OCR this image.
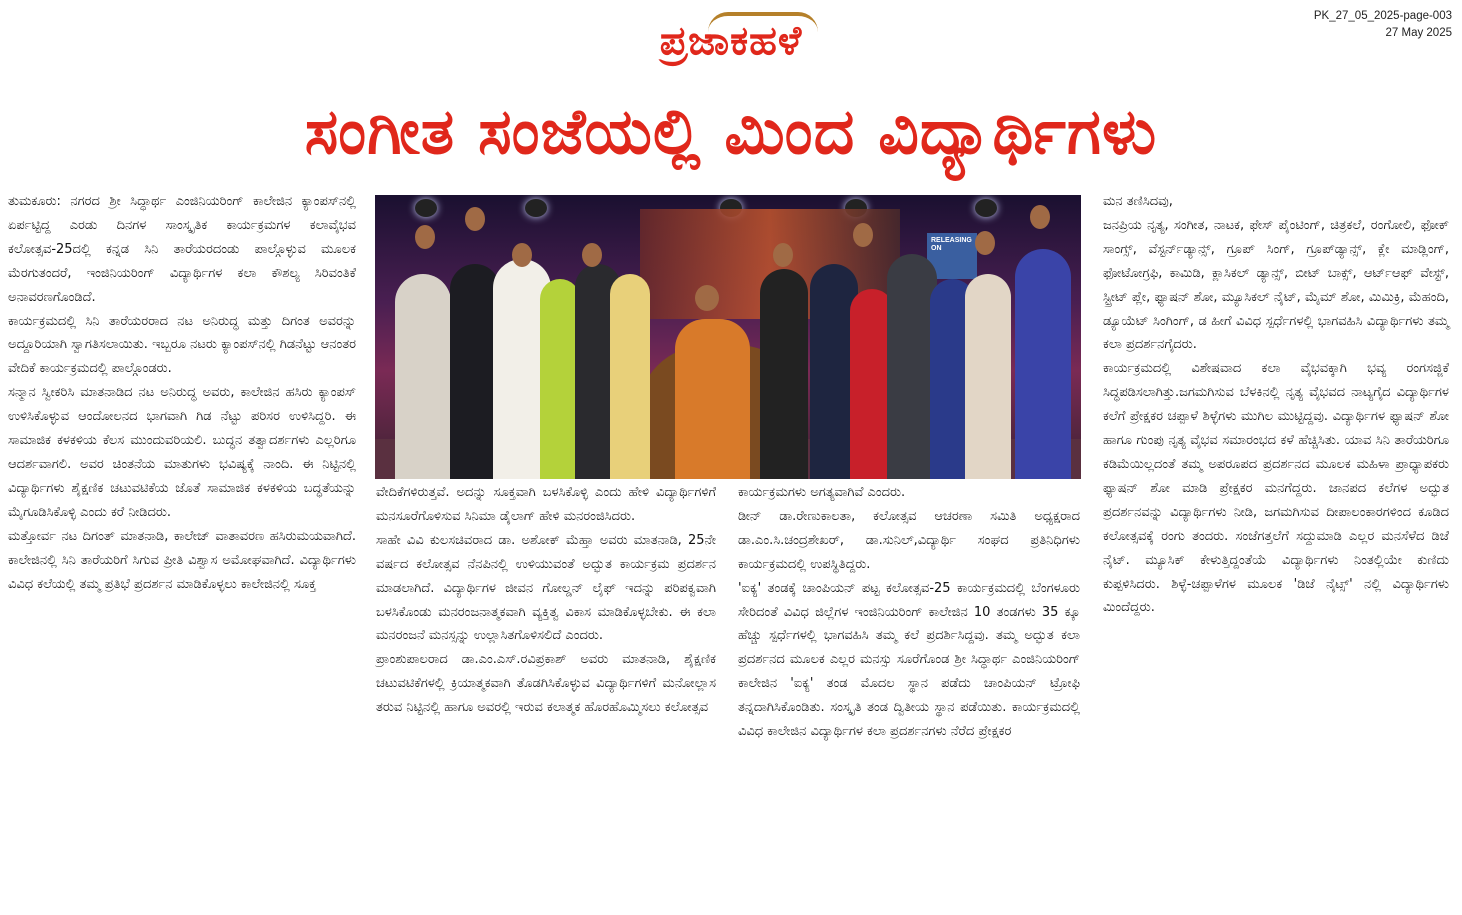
PK_27_05_2025-page-003
27 May 2025
ಪ್ರಜಾಕಹಳೆ
ಸಂಗೀತ ಸಂಜೆಯಲ್ಲಿ ಮಿಂದ ವಿದ್ಯಾರ್ಥಿಗಳು
RELEASING ON

ತುಮಕೂರು: ನಗರದ ಶ್ರೀ ಸಿದ್ಧಾರ್ಥ ಎಂಜಿನಿಯರಿಂಗ್ ಕಾಲೇಜಿನ ಕ್ಯಾಂಪಸ್‌ನಲ್ಲಿ ಏರ್ಪಟ್ಟಿದ್ದ ಎರಡು ದಿನಗಳ ಸಾಂಸ್ಕೃತಿಕ ಕಾರ್ಯಕ್ರಮಗಳ ಕಲಾವೈಭವ ಕಲೋತ್ಸವ-25ದಲ್ಲಿ ಕನ್ನಡ ಸಿನಿ ತಾರೆಯರದಂಡು ಪಾಲ್ಗೊಳ್ಳುವ ಮೂಲಕ ಮೆರಗುತಂದರೆ, ಇಂಜಿನಿಯರಿಂಗ್ ವಿದ್ಯಾರ್ಥಿಗಳ ಕಲಾ ಕೌಶಲ್ಯ ಸಿರಿವಂತಿಕೆ ಅನಾವರಣಗೊಂಡಿದೆ.

ಕಾರ್ಯಕ್ರಮದಲ್ಲಿ ಸಿನಿ ತಾರೆಯರರಾದ ನಟ ಅನಿರುದ್ಧ ಮತ್ತು ದಿಗಂತ ಅವರನ್ನು ಅದ್ದೂರಿಯಾಗಿ ಸ್ವಾಗತಿಸಲಾಯಿತು. ಇಬ್ಬರೂ ನಟರು ಕ್ಯಾಂಪಸ್‌ನಲ್ಲಿ ಗಿಡನೆಟ್ಟು ಆನಂತರ ವೇದಿಕೆ ಕಾರ್ಯಕ್ರಮದಲ್ಲಿ ಪಾಲ್ಗೊಂಡರು.

ಸನ್ಮಾನ ಸ್ವೀಕರಿಸಿ ಮಾತನಾಡಿದ ನಟ ಅನಿರುದ್ಧ ಅವರು, ಕಾಲೇಜಿನ ಹಸಿರು ಕ್ಯಾಂಪಸ್ ಉಳಿಸಿಕೊಳ್ಳುವ ಆಂದೋಲನದ ಭಾಗವಾಗಿ ಗಿಡ ನೆಟ್ಟು ಪರಿಸರ ಉಳಿಸಿದ್ದರಿ. ಈ ಸಾಮಾಜಿಕ ಕಳಕಳಿಯ ಕೆಲಸ ಮುಂದುವರಿಯಲಿ. ಬುದ್ಧನ ತತ್ವಾದರ್ಶಗಳು ಎಲ್ಲರಿಗೂ ಆದರ್ಶವಾಗಲಿ. ಅವರ ಚಿಂತನೆಯ ಮಾತುಗಳು ಭವಿಷ್ಯಕ್ಕೆ ನಾಂದಿ. ಈ ನಿಟ್ಟಿನಲ್ಲಿ ವಿದ್ಯಾರ್ಥಿಗಳು ಶೈಕ್ಷಣಿಕ ಚಟುವಟಿಕೆಯ ಜೊತೆ ಸಾಮಾಜಿಕ ಕಳಕಳಿಯ ಬದ್ಧತೆಯನ್ನು ಮೈಗೂಡಿಸಿಕೊಳ್ಳಿ ಎಂದು ಕರೆ ನೀಡಿದರು.

ಮತ್ತೋರ್ವ ನಟ ದಿಗಂತ್ ಮಾತನಾಡಿ, ಕಾಲೇಜ್ ವಾತಾವರಣ ಹಸಿರುಮಯವಾಗಿದೆ. ಕಾಲೇಜಿನಲ್ಲಿ ಸಿನಿ ತಾರೆಯರಿಗೆ ಸಿಗುವ ಪ್ರೀತಿ ವಿಶ್ವಾಸ ಅಮೋಘವಾಗಿದೆ. ವಿದ್ಯಾರ್ಥಿಗಳು ವಿವಿಧ ಕಲೆಯಲ್ಲಿ ತಮ್ಮ ಪ್ರತಿಭೆ ಪ್ರದರ್ಶನ ಮಾಡಿಕೊಳ್ಳಲು ಕಾಲೇಜಿನಲ್ಲಿ ಸೂಕ್ತ

ವೇದಿಕೆಗಳಿರುತ್ತವೆ. ಅದನ್ನು ಸೂಕ್ತವಾಗಿ ಬಳಸಿಕೊಳ್ಳಿ ಎಂದು ಹೇಳಿ ವಿದ್ಯಾರ್ಥಿಗಳಿಗೆ ಮನಸೂರೆಗೊಳಿಸುವ ಸಿನಿಮಾ ಡೈಲಾಗ್ ಹೇಳಿ ಮನರಂಜಿಸಿದರು.

ಸಾಹೇ ವಿವಿ ಕುಲಸಚಿವರಾದ ಡಾ. ಅಶೋಕ್ ಮೆಹ್ತಾ ಅವರು ಮಾತನಾಡಿ, 25ನೇ ವರ್ಷದ ಕಲೋತ್ಸವ ನೆನಪಿನಲ್ಲಿ ಉಳಿಯುವಂತೆ ಅದ್ಭುತ ಕಾರ್ಯಕ್ರಮ ಪ್ರದರ್ಶನ ಮಾಡಲಾಗಿದೆ. ವಿದ್ಯಾರ್ಥಿಗಳ ಜೀವನ ಗೋಲ್ಡನ್ ಲೈಫ್ ಇದನ್ನು ಪರಿಪಕ್ವವಾಗಿ ಬಳಸಿಕೊಂಡು ಮನರಂಜನಾತ್ಮಕವಾಗಿ ವ್ಯಕ್ತಿತ್ವ ವಿಕಾಸ ಮಾಡಿಕೊಳ್ಳಬೇಕು. ಈ ಕಲಾ ಮನರಂಜನೆ ಮನಸ್ಸನ್ನು ಉಲ್ಲಾಸಿತಗೊಳಿಸಲಿದೆ ಎಂದರು.

ಪ್ರಾಂಶುಪಾಲರಾದ ಡಾ.ಎಂ.ಎಸ್.ರವಿಪ್ರಕಾಶ್ ಅವರು ಮಾತನಾಡಿ, ಶೈಕ್ಷಣಿಕ ಚಟುವಟಿಕೆಗಳಲ್ಲಿ ಕ್ರಿಯಾತ್ಮಕವಾಗಿ ತೊಡಗಿಸಿಕೊಳ್ಳುವ ವಿದ್ಯಾರ್ಥಿಗಳಿಗೆ ಮನೋಲ್ಲಾಸ ತರುವ ನಿಟ್ಟಿನಲ್ಲಿ ಹಾಗೂ ಅವರಲ್ಲಿ ಇರುವ ಕಲಾತ್ಮಕ ಹೊರಹೊಮ್ಮಿಸಲು ಕಲೋತ್ಸವ

ಕಾರ್ಯಕ್ರಮಗಳು ಅಗತ್ಯವಾಗಿವೆ ಎಂದರು.

ಡೀನ್ ಡಾ.ರೇಣುಕಾಲತಾ, ಕಲೋತ್ಸವ ಆಚರಣಾ ಸಮಿತಿ ಅಧ್ಯಕ್ಷರಾದ ಡಾ.ಎಂ.ಸಿ.ಚಂದ್ರಶೇಖರ್, ಡಾ.ಸುನಿಲ್,ವಿದ್ಯಾರ್ಥಿ ಸಂಘದ ಪ್ರತಿನಿಧಿಗಳು ಕಾರ್ಯಕ್ರಮದಲ್ಲಿ ಉಪಸ್ಥಿತಿದ್ದರು.

'ಐಕ್ಯ' ತಂಡಕ್ಕೆ ಚಾಂಪಿಯನ್ ಪಟ್ಟ ಕಲೋತ್ಸವ-25 ಕಾರ್ಯಕ್ರಮದಲ್ಲಿ ಬೆಂಗಳೂರು ಸೇರಿದಂತೆ ವಿವಿಧ ಜಿಲ್ಲೆಗಳ ಇಂಜಿನಿಯರಿಂಗ್ ಕಾಲೇಜಿನ 10 ತಂಡಗಳು 35 ಕ್ಕೂ ಹೆಚ್ಚು ಸ್ಪರ್ಧೆಗಳಲ್ಲಿ ಭಾಗವಹಿಸಿ ತಮ್ಮ ಕಲೆ ಪ್ರದರ್ಶಿಸಿದ್ದವು. ತಮ್ಮ ಅದ್ಭುತ ಕಲಾ ಪ್ರದರ್ಶನದ ಮೂಲಕ ಎಲ್ಲರ ಮನಸ್ಸು ಸೂರೆಗೊಂಡ ಶ್ರೀ ಸಿದ್ಧಾರ್ಥ ಎಂಜಿನಿಯರಿಂಗ್ ಕಾಲೇಜಿನ 'ಐಕ್ಯ' ತಂಡ ಮೊದಲ ಸ್ಥಾನ ಪಡೆದು ಚಾಂಪಿಯನ್ ಟ್ರೋಫಿ ತನ್ನದಾಗಿಸಿಕೊಂಡಿತು. ಸಂಸ್ಕೃತಿ ತಂಡ ದ್ವಿತೀಯ ಸ್ಥಾನ ಪಡೆಯಿತು. ಕಾರ್ಯಕ್ರಮದಲ್ಲಿ ವಿವಿಧ ಕಾಲೇಜಿನ ವಿದ್ಯಾರ್ಥಿಗಳ ಕಲಾ ಪ್ರದರ್ಶನಗಳು ನೆರೆದ ಪ್ರೇಕ್ಷಕರ

ಮನ ತಣಿಸಿದವು,

ಜನಪ್ರಿಯ ನೃತ್ಯ, ಸಂಗೀತ, ನಾಟಕ, ಫೇಸ್ ಪೈಂಟಿಂಗ್, ಚಿತ್ರಕಲೆ, ರಂಗೋಲಿ, ಫೋಕ್ ಸಾಂಗ್ಸ್, ವೆಸ್ಟರ್ನ್‌ಡ್ಯಾನ್ಸ್, ಗ್ರೂಪ್ ಸಿಂಗ್, ಗ್ರೂಪ್‌ಡ್ಯಾನ್ಸ್, ಕ್ಲೇ ಮಾಡ್ಲಿಂಗ್, ಫೋಟೋಗ್ರಫಿ, ಕಾಮಿಡಿ, ಕ್ಲಾಸಿಕಲ್ ಡ್ಯಾನ್ಸ್, ಬೀಟ್ ಬಾಕ್ಸ್, ಆರ್ಟ್‌ಆಫ್ ವೇಸ್ಟ್, ಸ್ಟ್ರೀಟ್ ಪ್ಲೇ, ಫ್ಯಾಷನ್ ಶೋ, ಮ್ಯೂಸಿಕಲ್ ನೈಟ್, ಮೈಮ್ ಶೋ, ಮಿಮಿಕ್ರಿ, ಮೆಹಂದಿ, ಡ್ಯೂಯೆಟ್ ಸಿಂಗಿಂಗ್, ಡ ಹೀಗೆ ವಿವಿಧ ಸ್ಪರ್ಧೆಗಳಲ್ಲಿ ಭಾಗವಹಿಸಿ ವಿದ್ಯಾರ್ಥಿಗಳು ತಮ್ಮ ಕಲಾ ಪ್ರದರ್ಶನಗೈದರು.

ಕಾರ್ಯಕ್ರಮದಲ್ಲಿ ವಿಶೇಷವಾದ ಕಲಾ ವೈಭವಕ್ಕಾಗಿ ಭವ್ಯ ರಂಗಸಜ್ಜಿಕೆ ಸಿದ್ಧಪಡಿಸಲಾಗಿತ್ತು.ಜಗಮಗಿಸುವ ಬೆಳಕಿನಲ್ಲಿ ನೃತ್ಯ ವೈಭವದ ನಾಟ್ಯಗೈದ ವಿದ್ಯಾರ್ಥಿಗಳ ಕಲೆಗೆ ಪ್ರೇಕ್ಷಕರ ಚಪ್ಪಾಳೆ ಶಿಳ್ಳೆಗಳು ಮುಗಿಲ ಮುಟ್ಟಿದ್ದವು. ವಿದ್ಯಾರ್ಥಿಗಳ ಫ್ಯಾಷನ್ ಶೋ ಹಾಗೂ ಗುಂಪು ನೃತ್ಯ ವೈಭವ ಸಮಾರಂಭದ ಕಳೆ ಹೆಚ್ಚಿಸಿತು. ಯಾವ ಸಿನಿ ತಾರೆಯರಿಗೂ ಕಡಿಮೆಯಿಲ್ಲದಂತೆ ತಮ್ಮ ಅಪರೂಪದ ಪ್ರದರ್ಶನದ ಮೂಲಕ ಮಹಿಳಾ ಪ್ರಾಧ್ಯಾಪಕರು ಫ್ಯಾಷನ್ ಶೋ ಮಾಡಿ ಪ್ರೇಕ್ಷಕರ ಮನಗೆದ್ದರು. ಜಾನಪದ ಕಲೆಗಳ ಅದ್ಭುತ ಪ್ರದರ್ಶನವನ್ನು ವಿದ್ಯಾರ್ಥಿಗಳು ನೀಡಿ, ಜಗಮಗಿಸುವ ದೀಪಾಲಂಕಾರಗಳಿಂದ ಕೂಡಿದ ಕಲೋತ್ಸವಕ್ಕೆ ರಂಗು ತಂದರು. ಸಂಜೆಗತ್ತಲೆಗೆ ಸದ್ದುಮಾಡಿ ಎಲ್ಲರ ಮನಸೆಳೆದ ಡಿಜೆ ನೈಟ್. ಮ್ಯೂಸಿಕ್ ಕೇಳುತ್ತಿದ್ದಂತೆಯೆ ವಿದ್ಯಾರ್ಥಿಗಳು ನಿಂತಲ್ಲಿಯೇ ಕುಣಿದು ಕುಪ್ಪಳಿಸಿದರು. ಶಿಳ್ಳೆ-ಚಪ್ಪಾಳೆಗಳ ಮೂಲಕ 'ಡಿಜೆ ನೈಟ್ಸ್' ನಲ್ಲಿ ವಿದ್ಯಾರ್ಥಿಗಳು ಮಿಂದೆದ್ದರು.
